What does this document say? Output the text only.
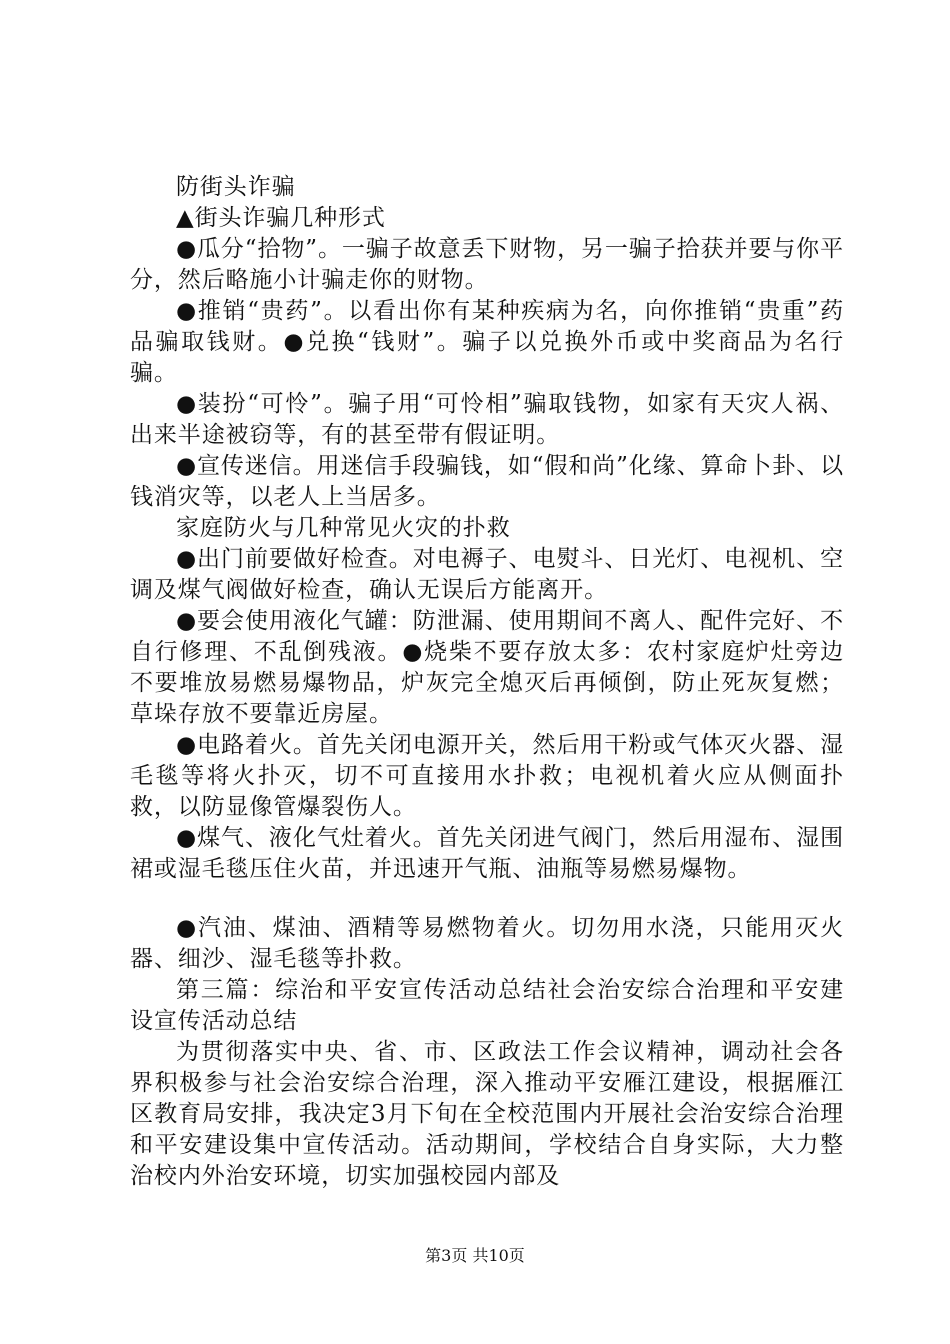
防街头诈骗

▲街头诈骗几种形式

●瓜分“拾物”。一骗子故意丢下财物，另一骗子拾获并要与你平分，然后略施小计骗走你的财物。

●推销“贵药”。以看出你有某种疾病为名，向你推销“贵重”药品骗取钱财。●兑换“钱财”。骗子以兑换外币或中奖商品为名行骗。

●装扮“可怜”。骗子用“可怜相”骗取钱物，如家有天灾人祸、出来半途被窃等，有的甚至带有假证明。

●宣传迷信。用迷信手段骗钱，如“假和尚”化缘、算命卜卦、以钱消灾等，以老人上当居多。

家庭防火与几种常见火灾的扑救

●出门前要做好检查。对电褥子、电熨斗、日光灯、电视机、空调及煤气阀做好检查，确认无误后方能离开。

●要会使用液化气罐：防泄漏、使用期间不离人、配件完好、不自行修理、不乱倒残液。●烧柴不要存放太多：农村家庭炉灶旁边不要堆放易燃易爆物品，炉灰完全熄灭后再倾倒，防止死灰复燃；草垛存放不要靠近房屋。

●电路着火。首先关闭电源开关，然后用干粉或气体灭火器、湿毛毯等将火扑灭，切不可直接用水扑救；电视机着火应从侧面扑救，以防显像管爆裂伤人。

●煤气、液化气灶着火。首先关闭进气阀门，然后用湿布、湿围裙或湿毛毯压住火苗，并迅速开气瓶、油瓶等易燃易爆物。

●汽油、煤油、酒精等易燃物着火。切勿用水浇，只能用灭火器、细沙、湿毛毯等扑救。

第三篇：综治和平安宣传活动总结社会治安综合治理和平安建设宣传活动总结

为贯彻落实中央、省、市、区政法工作会议精神，调动社会各界积极参与社会治安综合治理，深入推动平安雁江建设，根据雁江区教育局安排，我决定3月下旬在全校范围内开展社会治安综合治理和平安建设集中宣传活动。活动期间，学校结合自身实际，大力整治校内外治安环境，切实加强校园内部及

第3页 共10页
